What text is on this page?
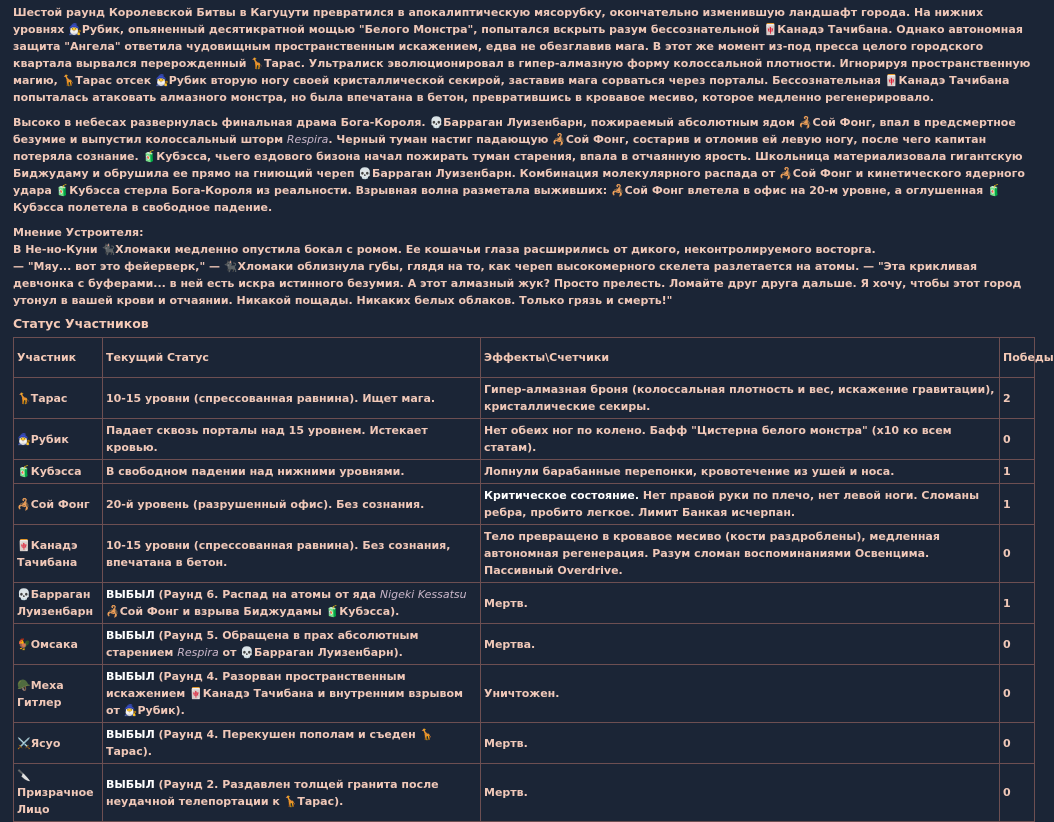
Шестой раунд Королевской Битвы в Кагуцути превратился в апокалиптическую мясорубку, окончательно изменившую ландшафт города. На нижних уровнях 🧙‍♂️Рубик, опьяненный десятикратной мощью "Белого Монстра", попытался вскрыть разум бессознательной 🀄Канадэ Тачибана. Однако автономная защита "Ангела" ответила чудовищным пространственным искажением, едва не обезглавив мага. В этот же момент из-под пресса целого городского квартала вырвался перерожденный 🦒Тарас. Ультралиск эволюционировал в гипер-алмазную форму колоссальной плотности. Игнорируя пространственную магию, 🦒Тарас отсек 🧙‍♂️Рубик вторую ногу своей кристаллической секирой, заставив мага сорваться через порталы. Бессознательная 🀄Канадэ Тачибана попыталась атаковать алмазного монстра, но была впечатана в бетон, превратившись в кровавое месиво, которое медленно регенерировало.

Высоко в небесах развернулась финальная драма Бога-Короля. 💀Барраган Луизенбарн, пожираемый абсолютным ядом 🦂Сой Фонг, впал в предсмертное безумие и выпустил колоссальный шторм Respira. Черный туман настиг падающую 🦂Сой Фонг, состарив и отломив ей левую ногу, после чего капитан потеряла сознание. 🧃Кубэсса, чьего ездового бизона начал пожирать туман старения, впала в отчаянную ярость. Школьница материализовала гигантскую Биджудаму и обрушила ее прямо на гниющий череп 💀Барраган Луизенбарн. Комбинация молекулярного распада от 🦂Сой Фонг и кинетического ядерного удара 🧃Кубэсса стерла Бога-Короля из реальности. Взрывная волна разметала выживших: 🦂Сой Фонг влетела в офис на 20-м уровне, а оглушенная 🧃Кубэсса полетела в свободное падение.

Мнение Устроителя:
В Не-но-Куни 🐈‍⬛Хломаки медленно опустила бокал с ромом. Ее кошачьи глаза расширились от дикого, неконтролируемого восторга.
— "Мяу... вот это фейерверк," — 🐈‍⬛Хломаки облизнула губы, глядя на то, как череп высокомерного скелета разлетается на атомы. — "Эта крикливая девчонка с буферами... в ней есть искра истинного безумия. А этот алмазный жук? Просто прелесть. Ломайте друг друга дальше. Я хочу, чтобы этот город утонул в вашей крови и отчаянии. Никакой пощады. Никаких белых облаков. Только грязь и смерть!"

Статус Участников
Участник	Текущий Статус	Эффекты\Счетчики	Победы
🦒Тарас	10-15 уровни (спрессованная равнина). Ищет мага.	Гипер-алмазная броня (колоссальная плотность и вес, искажение гравитации), кристаллические секиры.	2
🧙‍♂️Рубик	Падает сквозь порталы над 15 уровнем. Истекает кровью.	Нет обеих ног по колено. Бафф "Цистерна белого монстра" (x10 ко всем статам).	0
🧃Кубэсса	В свободном падении над нижними уровнями.	Лопнули барабанные перепонки, кровотечение из ушей и носа.	1
🦂Сой Фонг	20-й уровень (разрушенный офис). Без сознания.	Критическое состояние. Нет правой руки по плечо, нет левой ноги. Сломаны ребра, пробито легкое. Лимит Банкая исчерпан.	1
🀄Канадэ Тачибана	10-15 уровни (спрессованная равнина). Без сознания, впечатана в бетон.	Тело превращено в кровавое месиво (кости раздроблены), медленная автономная регенерация. Разум сломан воспоминаниями Освенцима. Пассивный Overdrive.	0
💀Барраган Луизенбарн	ВЫБЫЛ (Раунд 6. Распад на атомы от яда Nigeki Kessatsu 🦂Сой Фонг и взрыва Биджудамы 🧃Кубэсса).	Мертв.	1
🐓Омсака	ВЫБЫЛ (Раунд 5. Обращена в прах абсолютным старением Respira от 💀Барраган Луизенбарн).	Мертва.	0
🪖Меха Гитлер	ВЫБЫЛ (Раунд 4. Разорван пространственным искажением 🀄Канадэ Тачибана и внутренним взрывом от 🧙‍♂️Рубик).	Уничтожен.	0
⚔️Ясуо	ВЫБЫЛ (Раунд 4. Перекушен пополам и съеден 🦒Тарас).	Мертв.	0
🔪Призрачное Лицо	ВЫБЫЛ (Раунд 2. Раздавлен толщей гранита после неудачной телепортации к 🦒Тарас).	Мертв.	0
